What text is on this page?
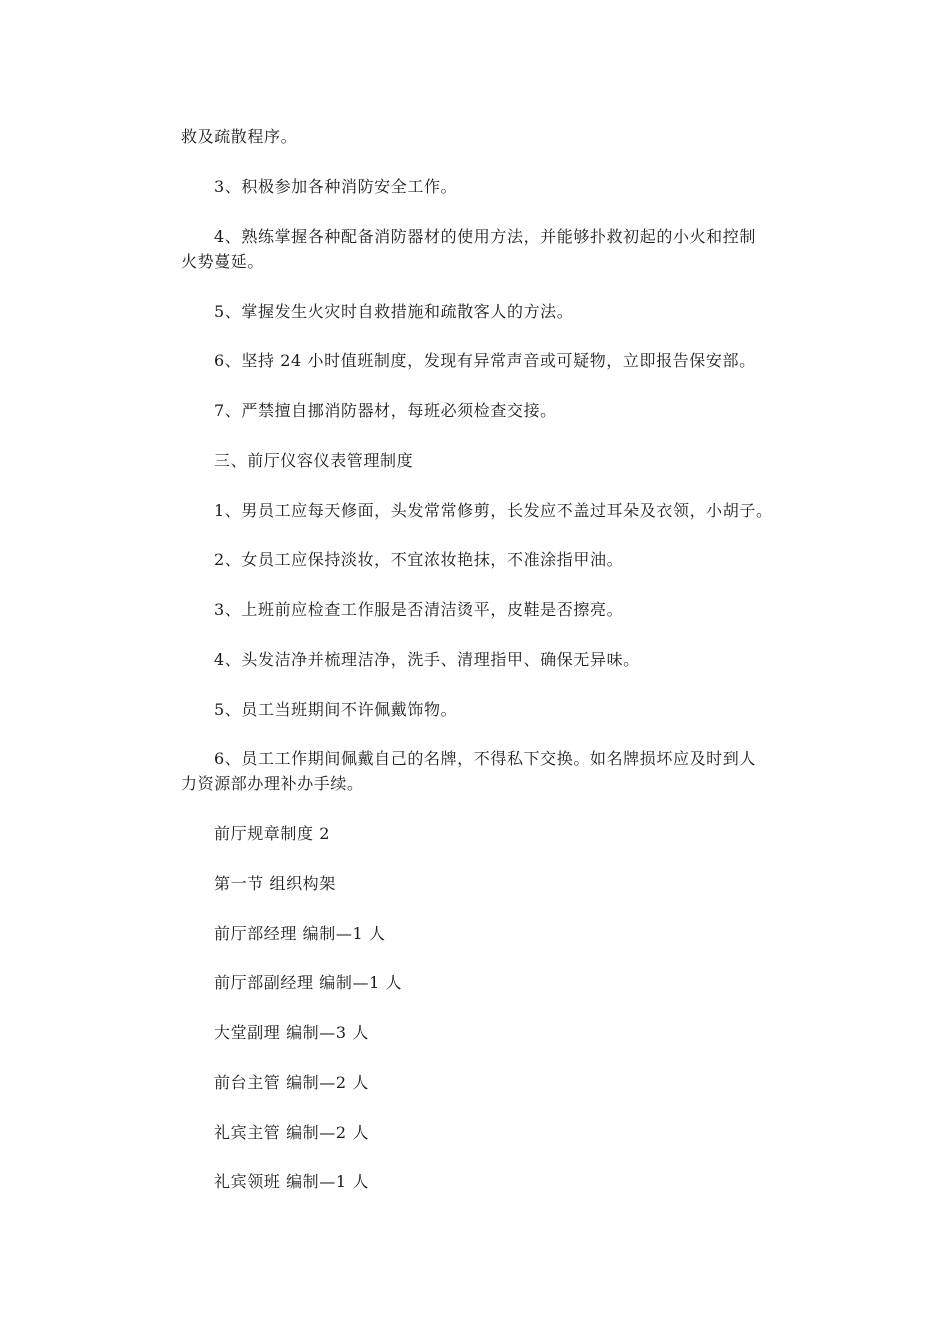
救及疏散程序。
3、积极参加各种消防安全工作。
4、熟练掌握各种配备消防器材的使用方法，并能够扑救初起的小火和控制
火势蔓延。
5、掌握发生火灾时自救措施和疏散客人的方法。
6、坚持 24 小时值班制度，发现有异常声音或可疑物，立即报告保安部。
7、严禁擅自挪消防器材，每班必须检查交接。
三、前厅仪容仪表管理制度
1、男员工应每天修面，头发常常修剪，长发应不盖过耳朵及衣领，小胡子。
2、女员工应保持淡妆，不宜浓妆艳抹，不准涂指甲油。
3、上班前应检查工作服是否清洁烫平，皮鞋是否擦亮。
4、头发洁净并梳理洁净，洗手、清理指甲、确保无异味。
5、员工当班期间不许佩戴饰物。
6、员工工作期间佩戴自己的名牌，不得私下交换。如名牌损坏应及时到人
力资源部办理补办手续。
前厅规章制度 2
第一节 组织构架
前厅部经理 编制—1 人
前厅部副经理 编制—1 人
大堂副理 编制—3 人
前台主管 编制—2 人
礼宾主管 编制—2 人
礼宾领班 编制—1 人
